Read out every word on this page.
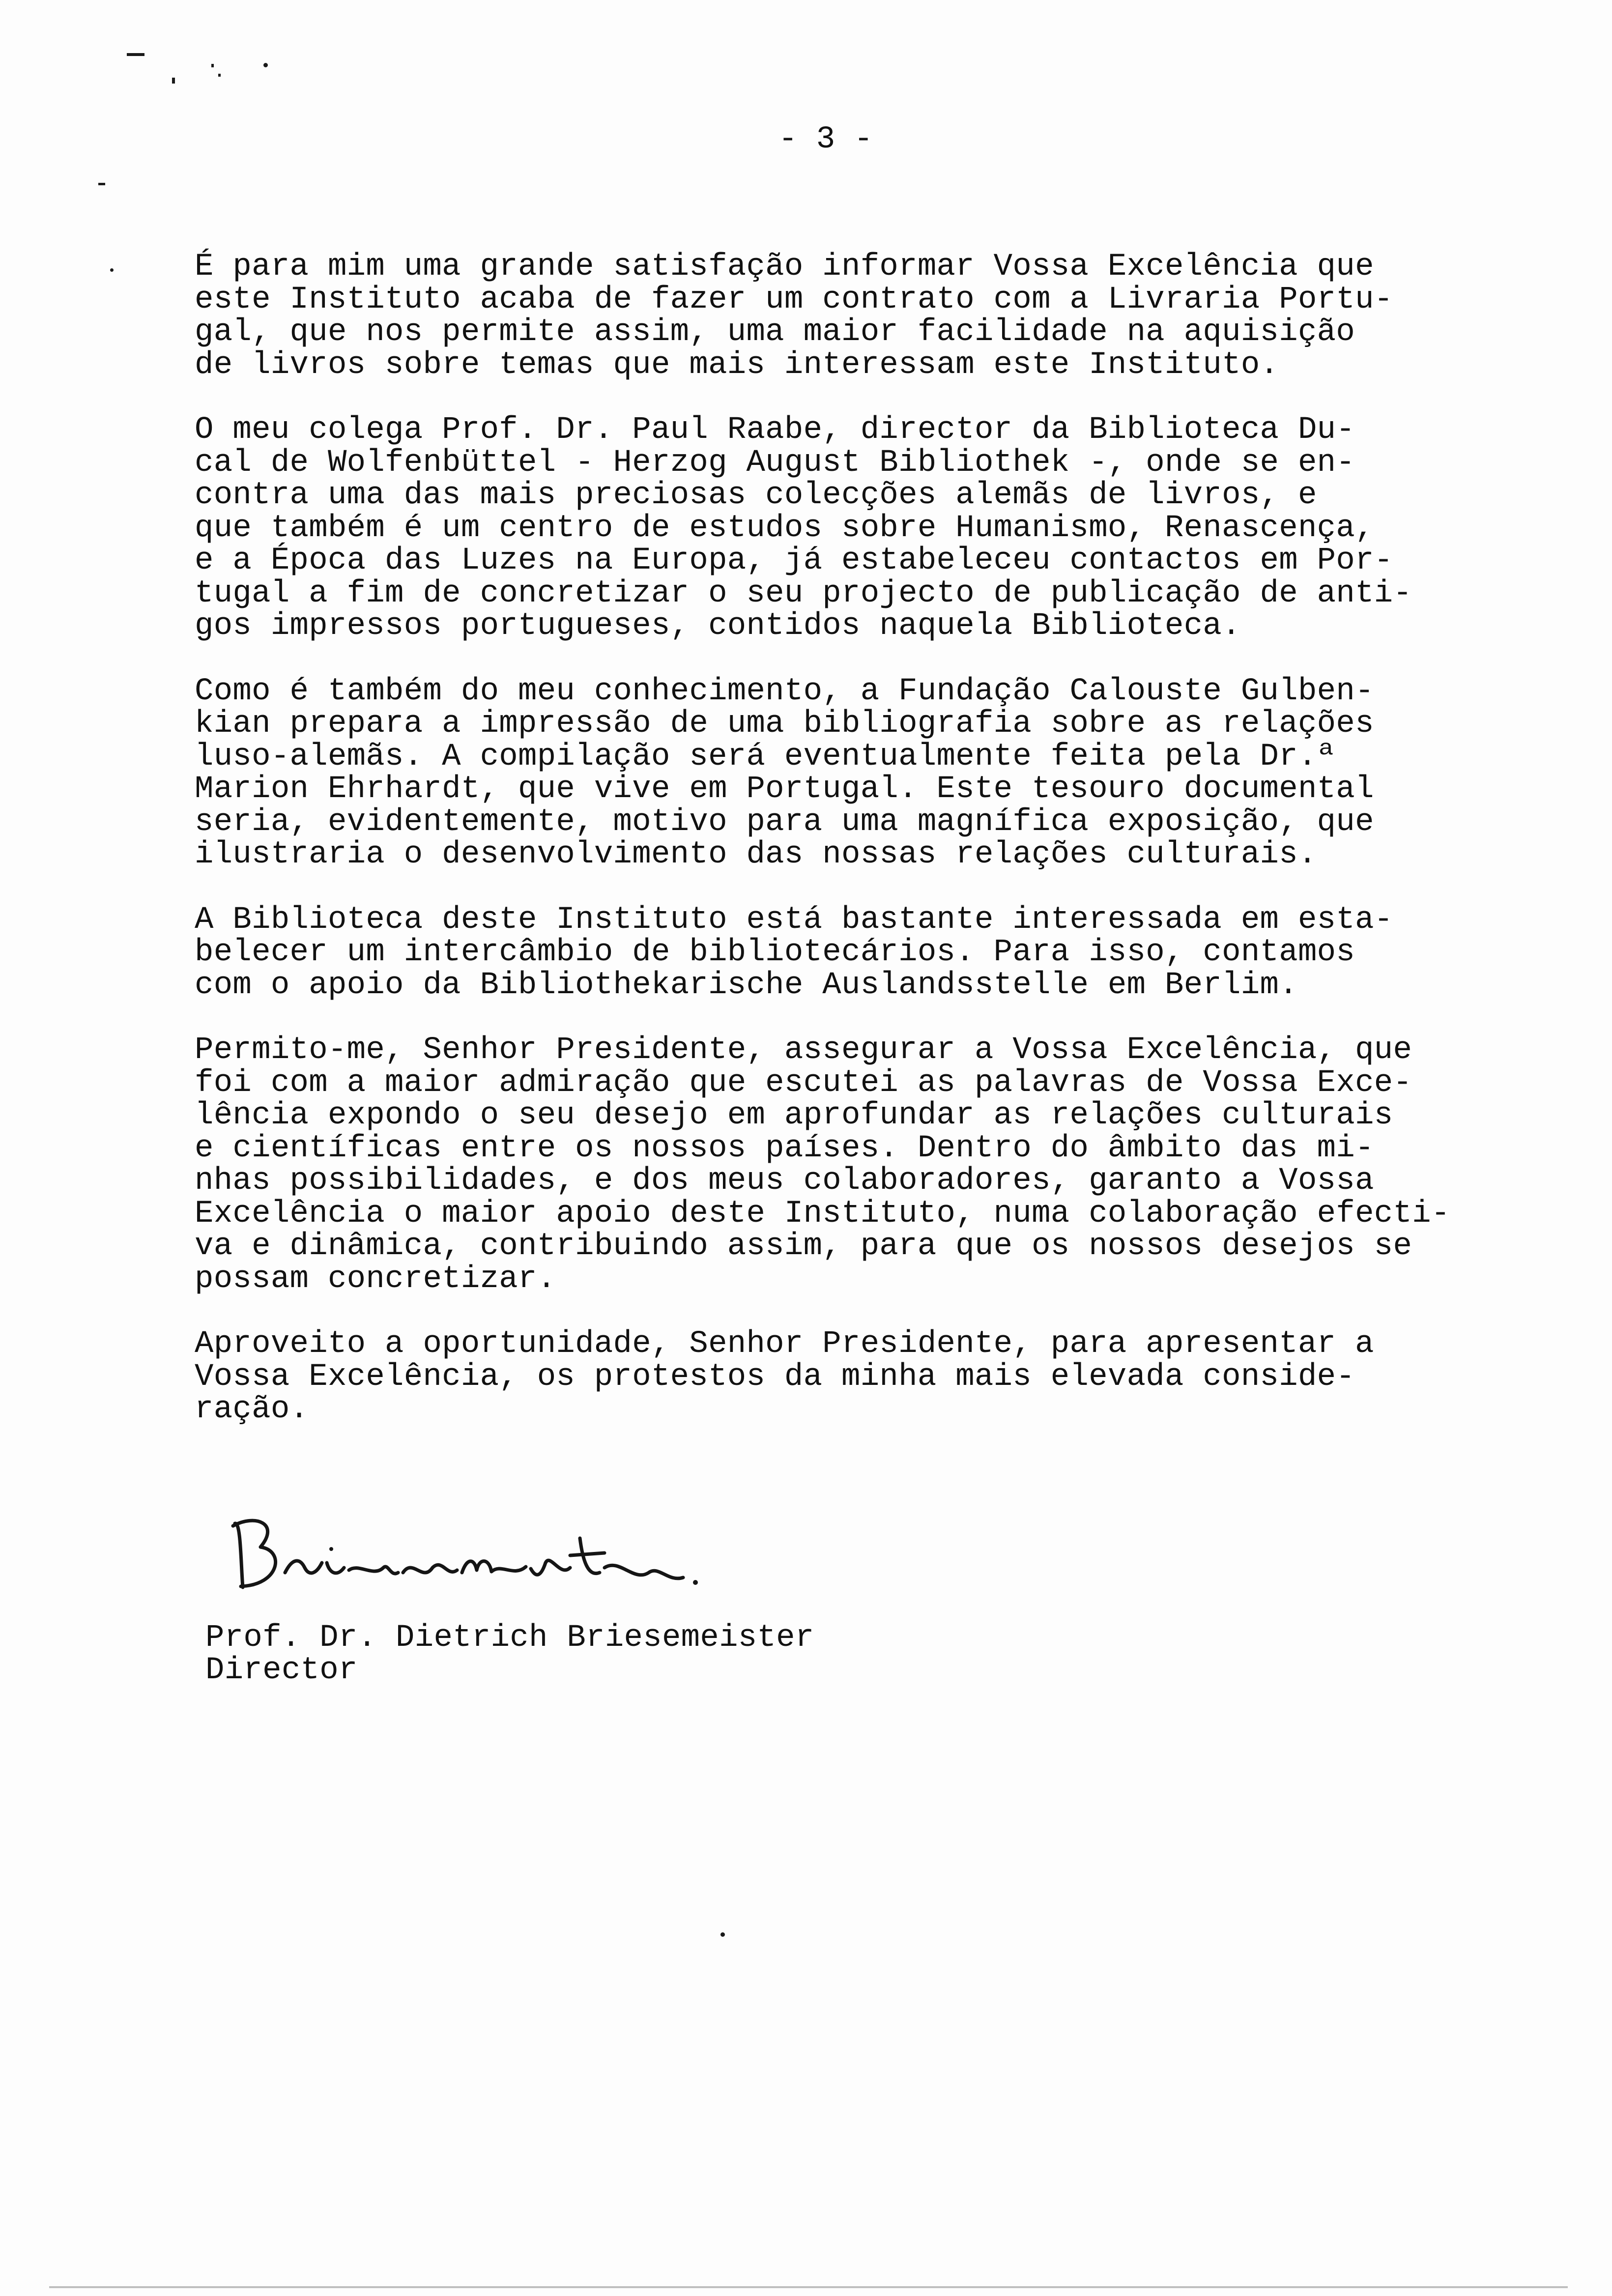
- 3 -
É para mim uma grande satisfação informar Vossa Excelência que
este Instituto acaba de fazer um contrato com a Livraria Portu-
gal, que nos permite assim, uma maior facilidade na aquisição
de livros sobre temas que mais interessam este Instituto.
O meu colega Prof. Dr. Paul Raabe, director da Biblioteca Du-
cal de Wolfenbüttel - Herzog August Bibliothek -, onde se en-
contra uma das mais preciosas colecções alemãs de livros, e
que também é um centro de estudos sobre Humanismo, Renascença,
e a Época das Luzes na Europa, já estabeleceu contactos em Por-
tugal a fim de concretizar o seu projecto de publicação de anti-
gos impressos portugueses, contidos naquela Biblioteca.
Como é também do meu conhecimento, a Fundação Calouste Gulben-
kian prepara a impressão de uma bibliografia sobre as relações
luso-alemãs. A compilação será eventualmente feita pela Dr.ª
Marion Ehrhardt, que vive em Portugal. Este tesouro documental
seria, evidentemente, motivo para uma magnífica exposição, que
ilustraria o desenvolvimento das nossas relações culturais.
A Biblioteca deste Instituto está bastante interessada em esta-
belecer um intercâmbio de bibliotecários. Para isso, contamos
com o apoio da Bibliothekarische Auslandsstelle em Berlim.
Permito-me, Senhor Presidente, assegurar a Vossa Excelência, que
foi com a maior admiração que escutei as palavras de Vossa Exce-
lência expondo o seu desejo em aprofundar as relações culturais
e científicas entre os nossos países. Dentro do âmbito das mi-
nhas possibilidades, e dos meus colaboradores, garanto a Vossa
Excelência o maior apoio deste Instituto, numa colaboração efecti-
va e dinâmica, contribuindo assim, para que os nossos desejos se
possam concretizar.
Aproveito a oportunidade, Senhor Presidente, para apresentar a
Vossa Excelência, os protestos da minha mais elevada conside-
ração.
Prof. Dr. Dietrich Briesemeister
Director
